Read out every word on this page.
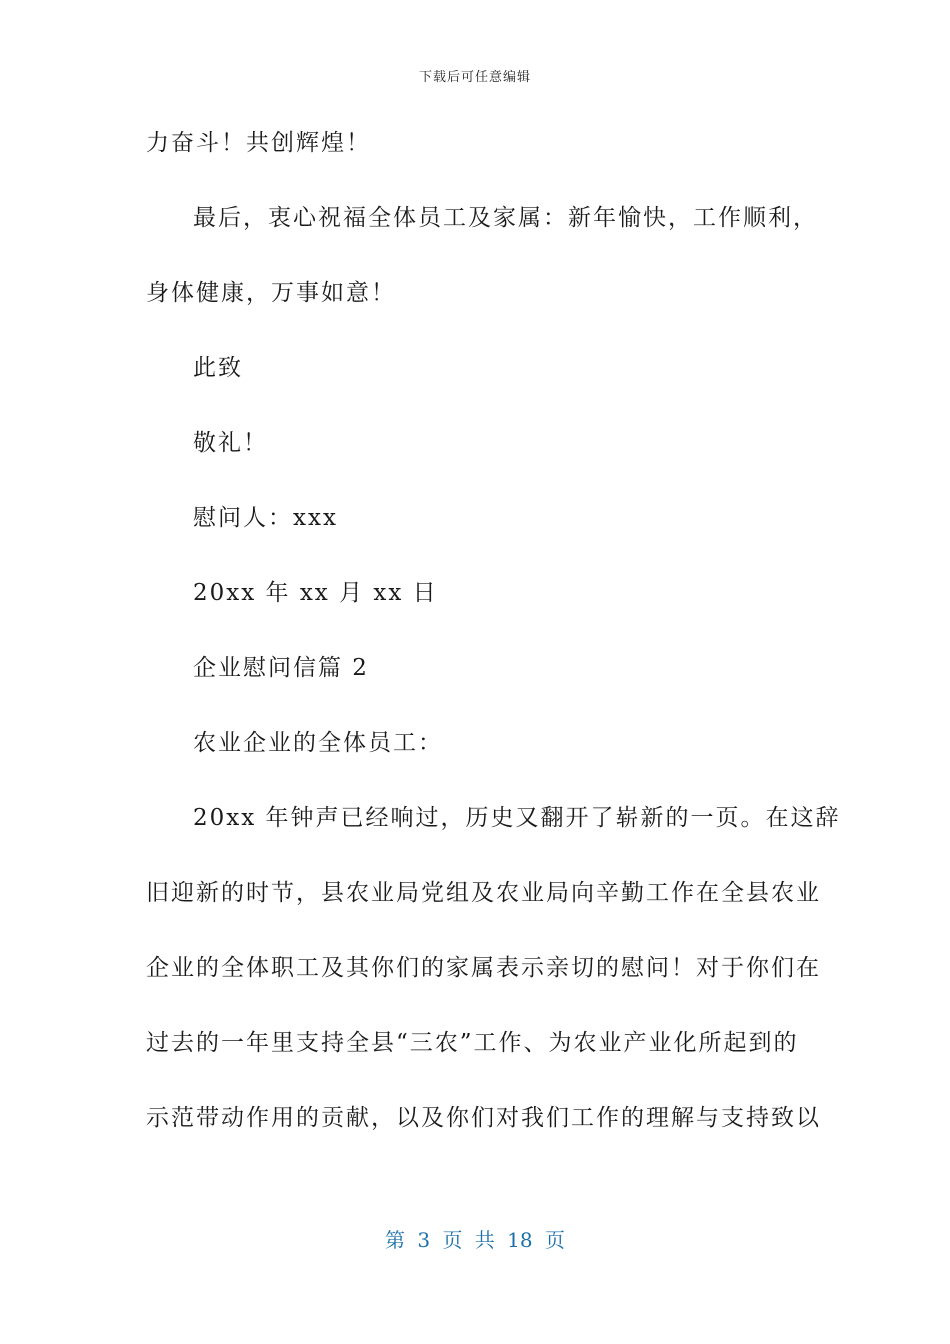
下载后可任意编辑
力奋斗！共创辉煌！
最后，衷心祝福全体员工及家属：新年愉快，工作顺利，
身体健康，万事如意！
此致
敬礼！
慰问人：xxx
20xx 年 xx 月 xx 日
企业慰问信篇 2
农业企业的全体员工：
20xx 年钟声已经响过，历史又翻开了崭新的一页。在这辞
旧迎新的时节，县农业局党组及农业局向辛勤工作在全县农业
企业的全体职工及其你们的家属表示亲切的慰问！对于你们在
过去的一年里支持全县“三农”工作、为农业产业化所起到的
示范带动作用的贡献，以及你们对我们工作的理解与支持致以
第 3 页 共 18 页
